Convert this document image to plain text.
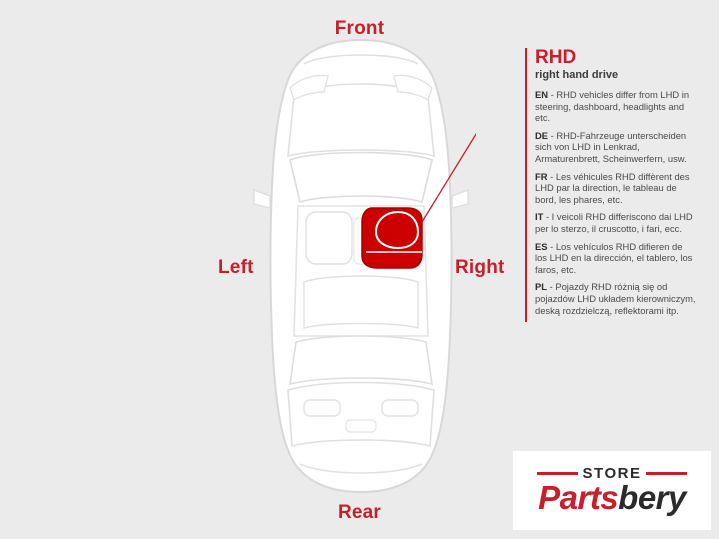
Front
Rear
Left	Right
RHD
right hand drive
EN - RHD vehicles differ from LHD in steering, dashboard, headlights and etc.
DE - RHD-Fahrzeuge unterscheiden sich von LHD in Lenkrad, Armaturenbrett, Scheinwerfern, usw.
FR - Les véhicules RHD diffèrent des LHD par la direction, le tableau de bord, les phares, etc.
IT - I veicoli RHD differiscono dai LHD per lo sterzo, il cruscotto, i fari, ecc.
ES - Los vehículos RHD difieren de los LHD en la dirección, el tablero, los faros, etc.
PL - Pojazdy RHD różnią się od pojazdów LHD układem kierowniczym, deską rozdzielczą, reflektorami itp.
STORE
Partsbery
